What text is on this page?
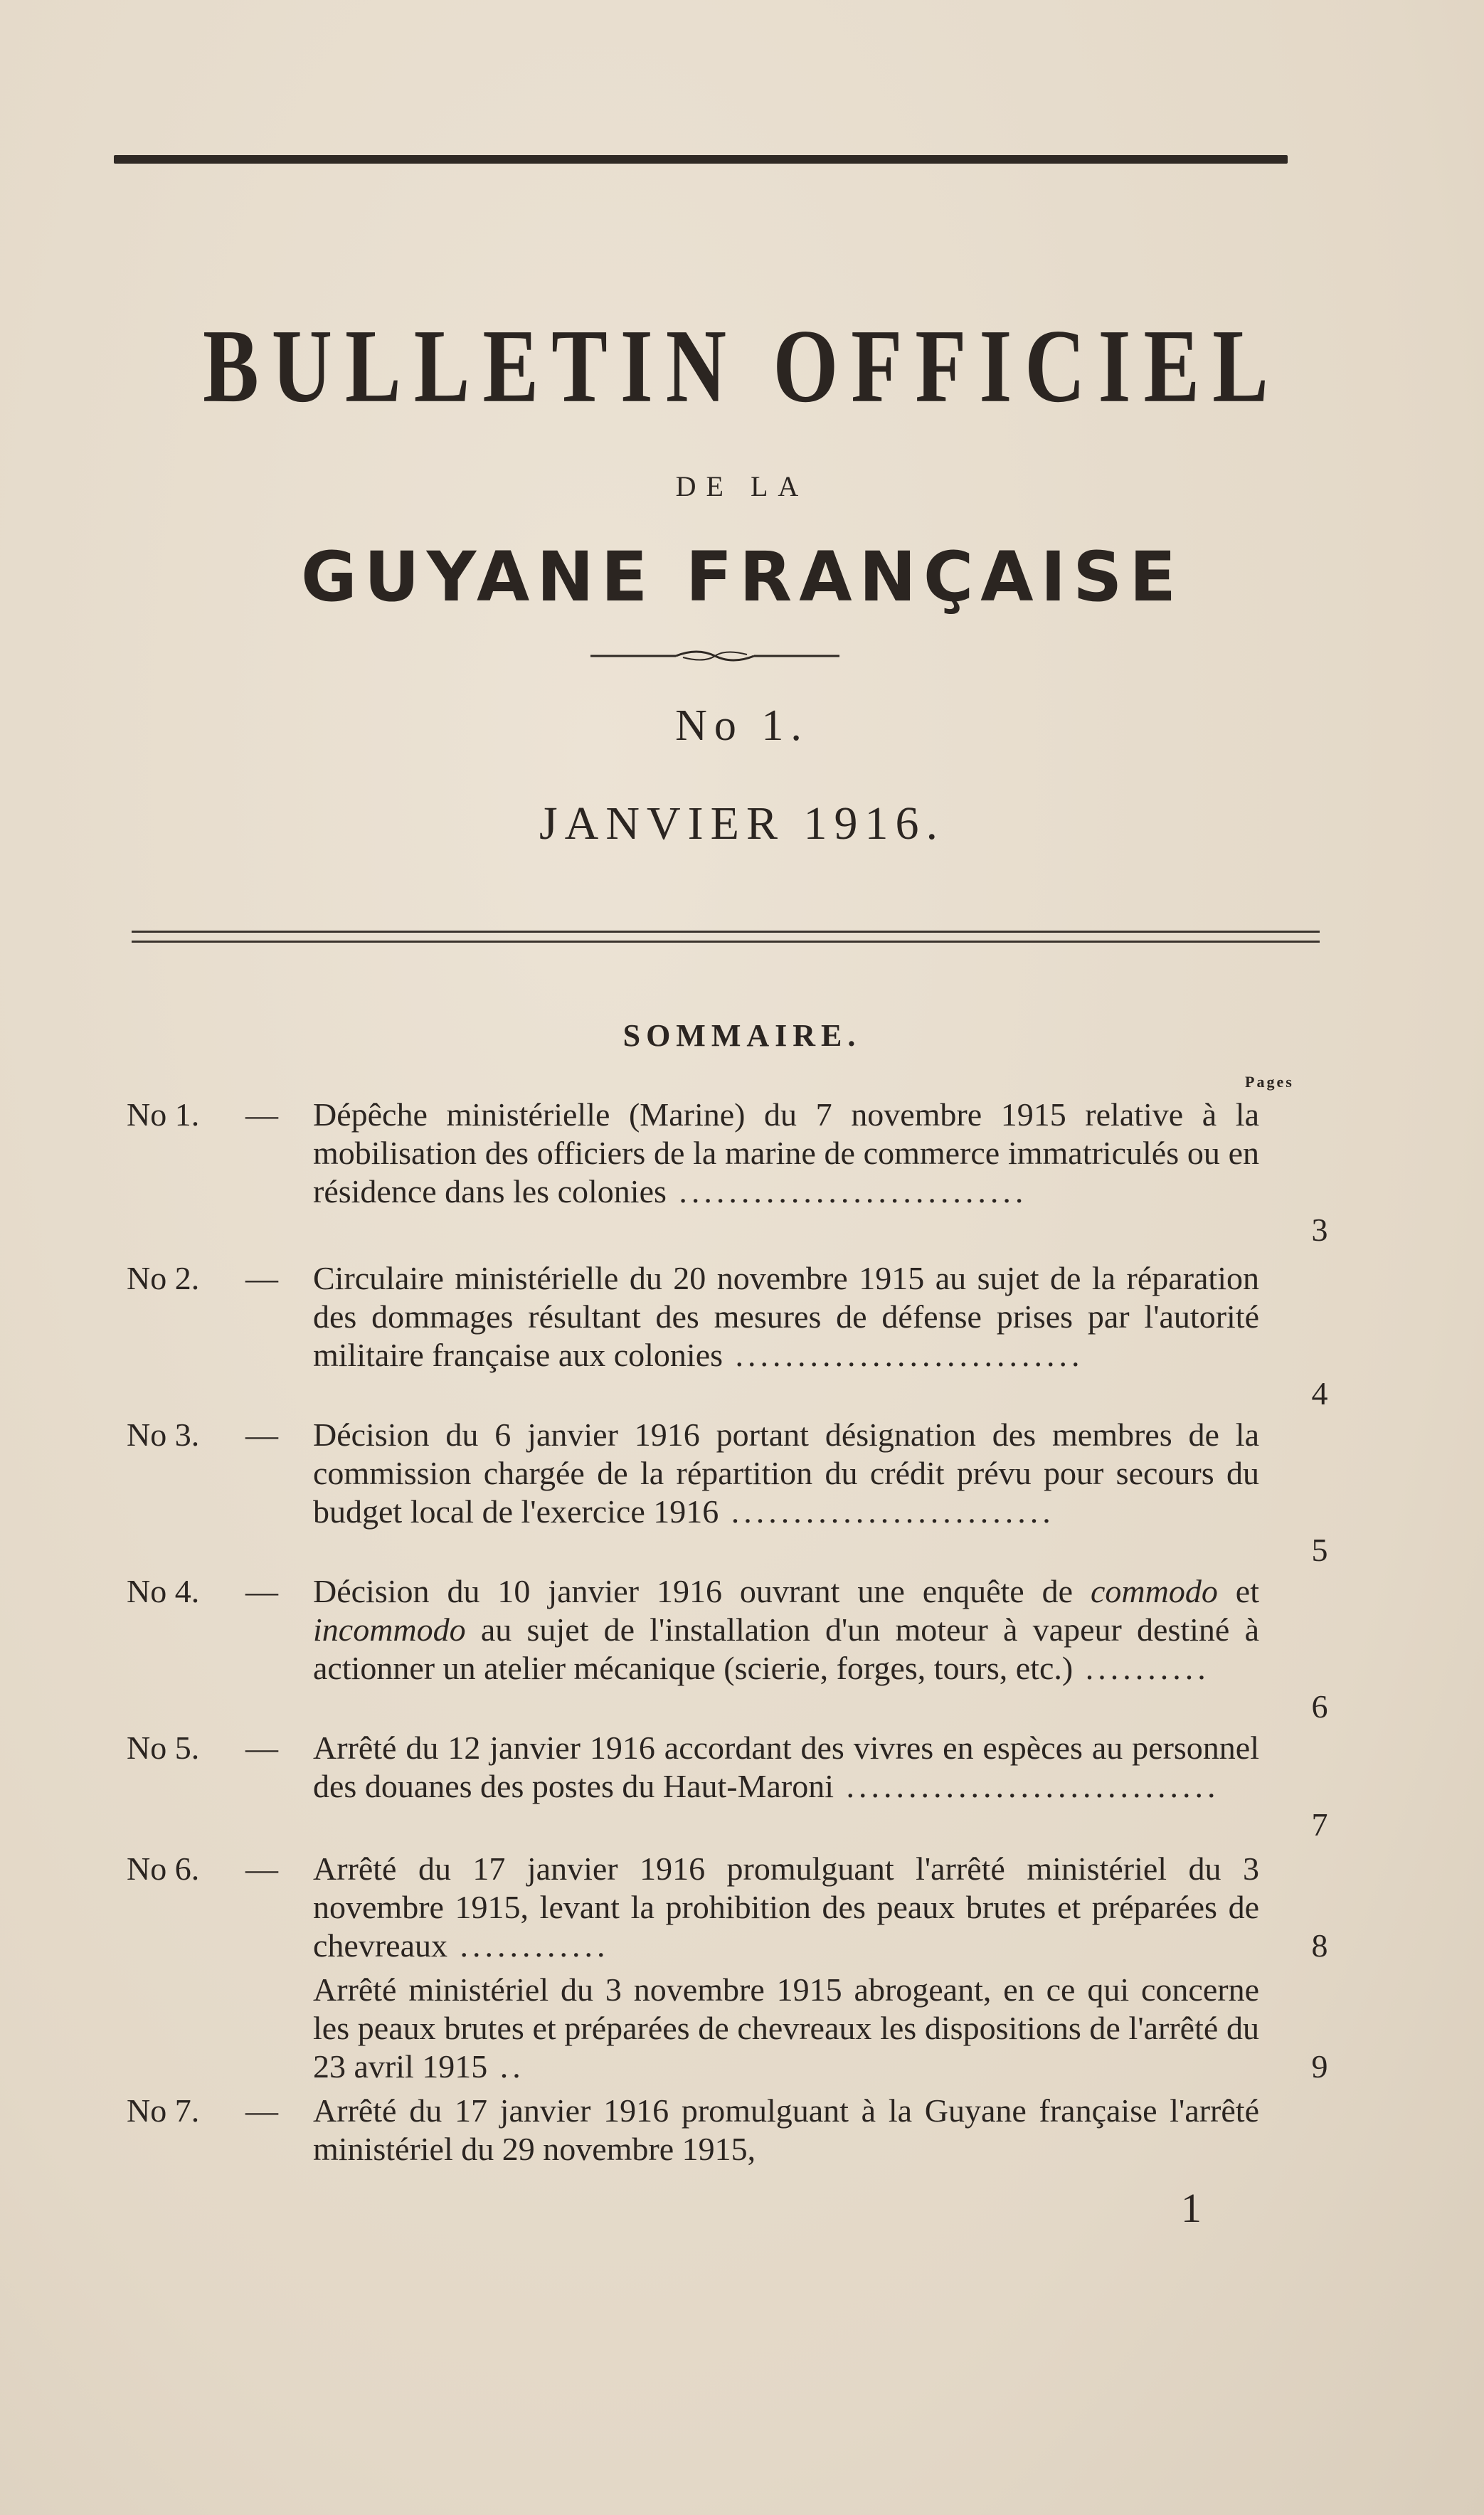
BULLETIN OFFICIEL
DE LA
GUYANE FRANÇAISE
No 1.
JANVIER 1916.
SOMMAIRE.
Pages
No 1.	— Dépêche ministérielle (Marine) du 7 novembre 1915 relative à la mobilisation des officiers de la marine de commerce immatriculés ou en résidence dans les colonies ............................
3
No 2.	— Circulaire ministérielle du 20 novembre 1915 au sujet de la réparation des dommages résultant des mesures de défense prises par l'autorité militaire française aux colonies ............................
4
No 3.	— Décision du 6 janvier 1916 portant désignation des membres de la commission chargée de la répartition du crédit prévu pour secours du budget local de l'exercice 1916 ..........................
5
No 4.	— Décision du 10 janvier 1916 ouvrant une enquête de commodo et incommodo au sujet de l'installation d'un moteur à vapeur destiné à actionner un atelier mécanique (scierie, forges, tours, etc.) ..........
6
No 5.	— Arrêté du 12 janvier 1916 accordant des vivres en espèces au personnel des douanes des postes du Haut-Maroni ..............................
7
No 6.	— Arrêté du 17 janvier 1916 promulguant l'arrêté ministériel du 3 novembre 1915, levant la prohibition des peaux brutes et préparées de chevreaux ............	8
Arrêté ministériel du 3 novembre 1915 abrogeant, en ce qui concerne les peaux brutes et préparées de chevreaux les dispositions de l'arrêté du 23 avril 1915 ..	9
No 7.	— Arrêté du 17 janvier 1916 promulguant à la Guyane française l'arrêté ministériel du 29 novembre 1915,
1
